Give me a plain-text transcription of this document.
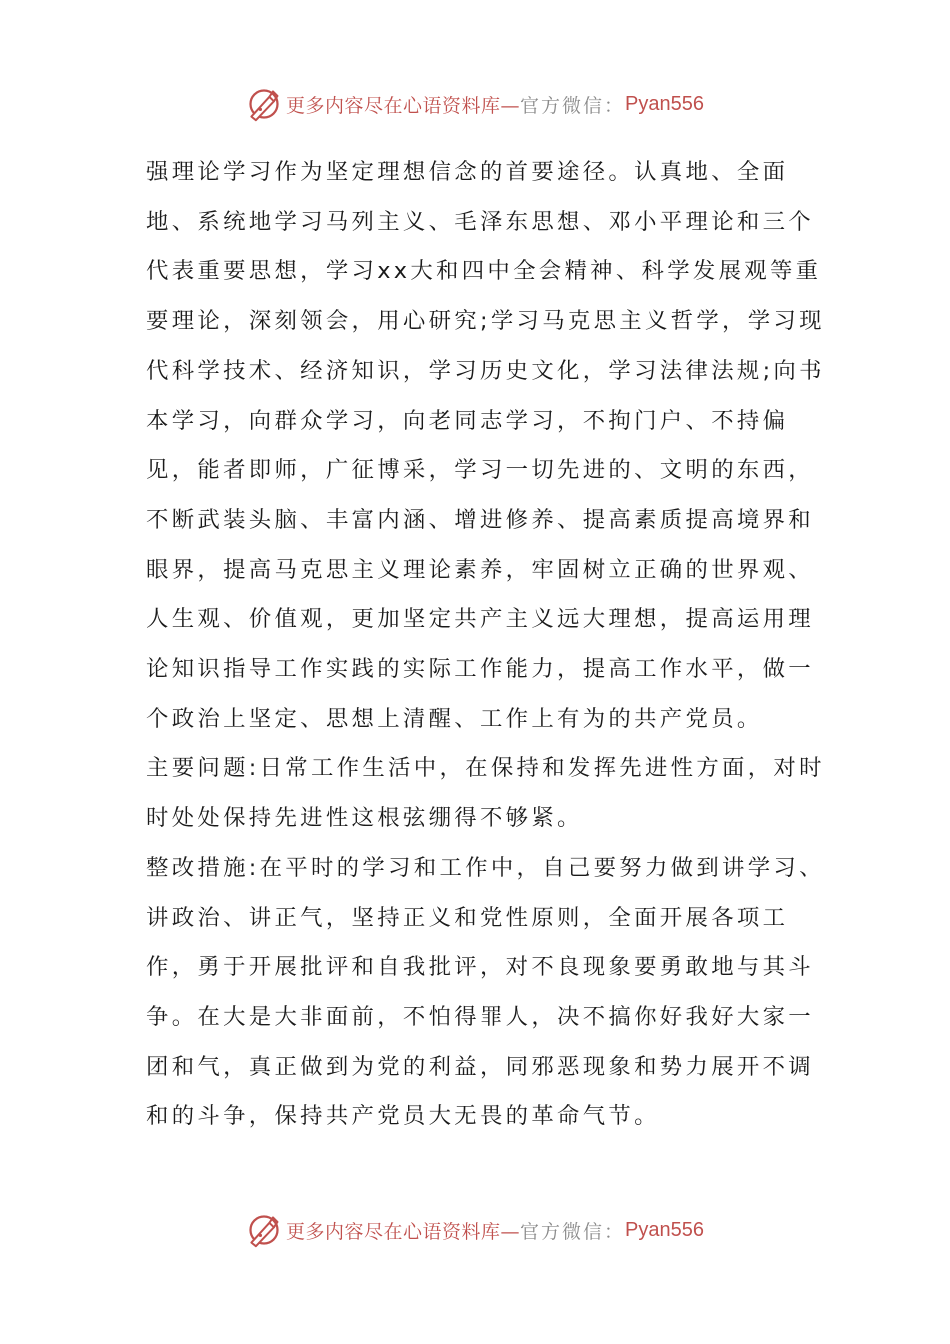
更多内容尽在心语资料库— 官方微信： Pyan556

强理论学习作为坚定理想信念的首要途径。认真地、全面地、系统地学习马列主义、毛泽东思想、邓小平理论和三个代表重要思想，学习xx大和四中全会精神、科学发展观等重要理论，深刻领会，用心研究;学习马克思主义哲学，学习现代科学技术、经济知识，学习历史文化，学习法律法规;向书本学习，向群众学习，向老同志学习，不拘门户、不持偏见，能者即师，广征博采，学习一切先进的、文明的东西，不断武装头脑、丰富内涵、增进修养、提高素质提高境界和眼界，提高马克思主义理论素养，牢固树立正确的世界观、人生观、价值观，更加坚定共产主义远大理想，提高运用理论知识指导工作实践的实际工作能力，提高工作水平，做一个政治上坚定、思想上清醒、工作上有为的共产党员。

主要问题:日常工作生活中，在保持和发挥先进性方面，对时时处处保持先进性这根弦绷得不够紧。

整改措施:在平时的学习和工作中，自己要努力做到讲学习、讲政治、讲正气，坚持正义和党性原则，全面开展各项工作，勇于开展批评和自我批评，对不良现象要勇敢地与其斗争。在大是大非面前，不怕得罪人，决不搞你好我好大家一团和气，真正做到为党的利益，同邪恶现象和势力展开不调和的斗争，保持共产党员大无畏的革命气节。

更多内容尽在心语资料库— 官方微信： Pyan556
